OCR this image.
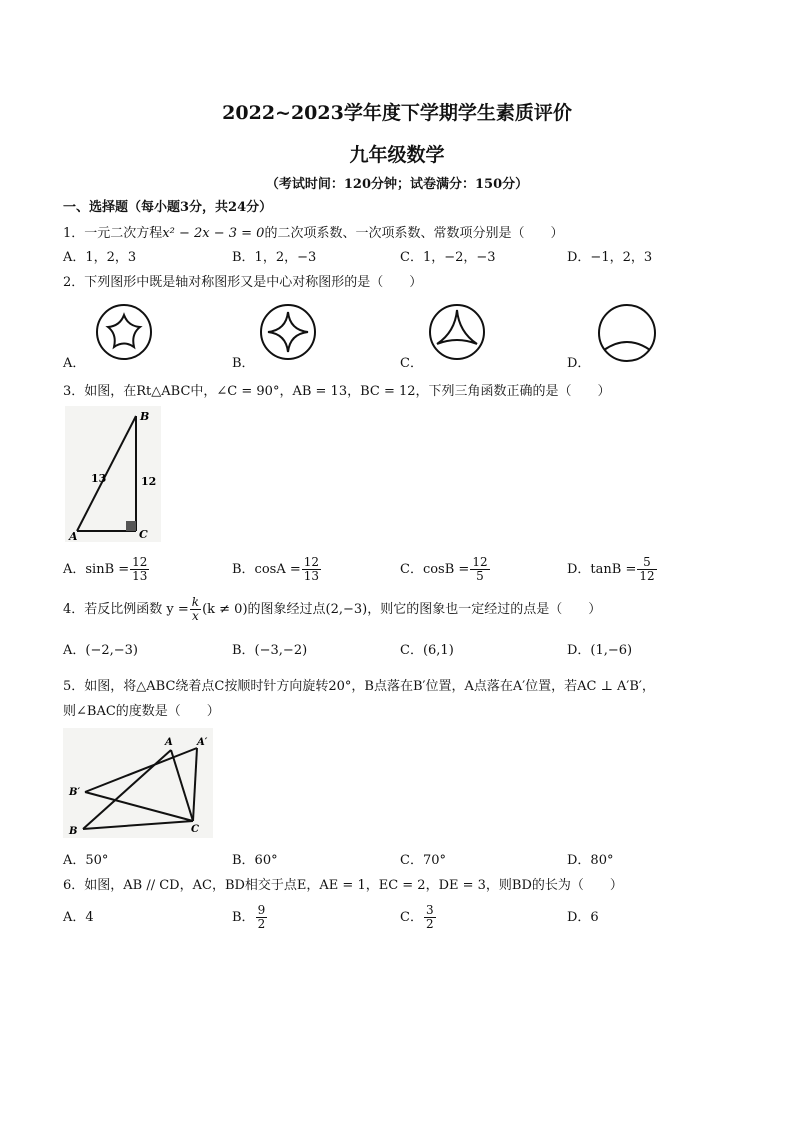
2022~2023学年度下学期学生素质评价
九年级数学
（考试时间：120分钟；试卷满分：150分）
一、选择题（每小题3分，共24分）
1．一元二次方程x² − 2x − 3 = 0的二次项系数、一次项系数、常数项分别是（　　）
A．1，2，3	B．1，2，−3	C．1，−2，−3	D．−1，2，3
2．下列图形中既是轴对称图形又是中心对称图形的是（　　）
A．	B．	C．	D．
3．如图，在Rt△ABC中，∠C = 90°，AB = 13，BC = 12，下列三角函数正确的是（　　）
B
13	12
A	C
A．$\sin B = \frac{12}{13}$	B．$\cos A = \frac{12}{13}$	C．$\cos B = \frac{12}{5}$	D．$\tan B = \frac{5}{12}$
4．若反比例函数 $y = \frac{k}{x} (k \ne 0)$的图象经过点(2,−3)，则它的图象也一定经过的点是（　　）
A．(−2,−3)	B．(−3,−2)	C．(6,1)	D．(1,−6)
5．如图，将△ABC绕着点C按顺时针方向旋转20°，B点落在B′位置，A点落在A′位置，若AC ⊥ A′B′，
则∠BAC的度数是（　　）
A A′
B′
B	C
A．50°	B．60°	C．70°	D．80°
6．如图，AB // CD，AC，BD相交于点E，AE = 1，EC = 2，DE = 3，则BD的长为（　　）
A．4	B． $\frac{9}{2}$	C． $\frac{3}{2}$	D．6
